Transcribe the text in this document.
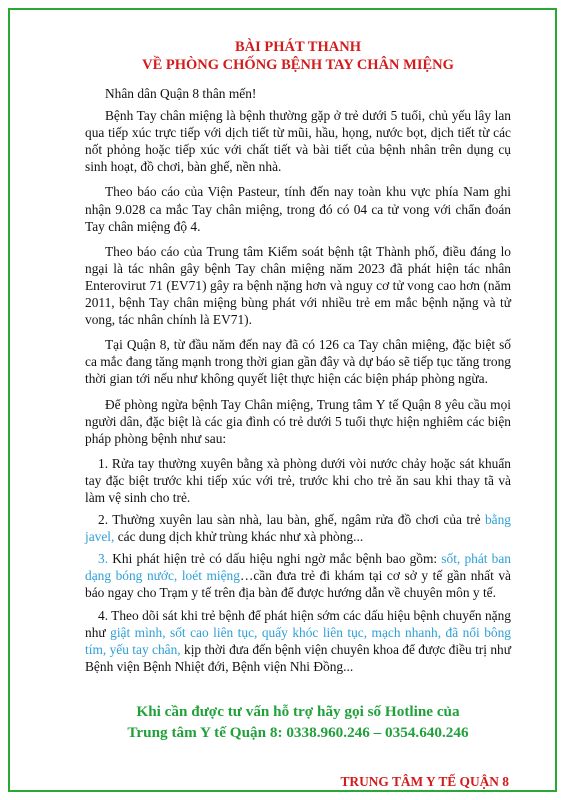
BÀI PHÁT THANH

VỀ PHÒNG CHỐNG BỆNH TAY CHÂN MIỆNG

Nhân dân Quận 8 thân mến!

Bệnh Tay chân miệng là bệnh thường gặp ở trẻ dưới 5 tuổi, chủ yếu lây lan qua tiếp xúc trực tiếp với dịch tiết từ mũi, hầu, họng, nước bọt, dịch tiết từ các nốt phỏng hoặc tiếp xúc với chất tiết và bài tiết của bệnh nhân trên dụng cụ sinh hoạt, đồ chơi, bàn ghế, nền nhà.

Theo báo cáo của Viện Pasteur, tính đến nay toàn khu vực phía Nam ghi nhận 9.028 ca mắc Tay chân miệng, trong đó có 04 ca tử vong với chẩn đoán Tay chân miệng độ 4.

Theo báo cáo của Trung tâm Kiểm soát bệnh tật Thành phố, điều đáng lo ngại là tác nhân gây bệnh Tay chân miệng năm 2023 đã phát hiện tác nhân Enterovirut 71 (EV71) gây ra bệnh nặng hơn và nguy cơ tử vong cao hơn (năm 2011, bệnh Tay chân miệng bùng phát với nhiều trẻ em mắc bệnh nặng và tử vong, tác nhân chính là EV71).

Tại Quận 8, từ đầu năm đến nay đã có 126 ca Tay chân miệng, đặc biệt số ca mắc đang tăng mạnh trong thời gian gần đây và dự báo sẽ tiếp tục tăng trong thời gian tới nếu như không quyết liệt thực hiện các biện pháp phòng ngừa.

Để phòng ngừa bệnh Tay Chân miệng, Trung tâm Y tế Quận 8 yêu cầu mọi người dân, đặc biệt là các gia đình có trẻ dưới 5 tuổi thực hiện nghiêm các biện pháp phòng bệnh như sau:

1. Rửa tay thường xuyên bằng xà phòng dưới vòi nước chảy hoặc sát khuẩn tay đặc biệt trước khi tiếp xúc với trẻ, trước khi cho trẻ ăn sau khi thay tã và làm vệ sinh cho trẻ.

2. Thường xuyên lau sàn nhà, lau bàn, ghế, ngâm rửa đồ chơi của trẻ bằng javel, các dung dịch khử trùng khác như xà phòng...

3. Khi phát hiện trẻ có dấu hiệu nghi ngờ mắc bệnh bao gồm: sốt, phát ban dạng bóng nước, loét miệng…cần đưa trẻ đi khám tại cơ sở y tế gần nhất và báo ngay cho Trạm y tế trên địa bàn để được hướng dẫn về chuyên môn y tế.

4. Theo dõi sát khi trẻ bệnh để phát hiện sớm các dấu hiệu bệnh chuyển nặng như giật mình, sốt cao liên tục, quấy khóc liên tục, mạch nhanh, đã nổi bông tím, yếu tay chân, kịp thời đưa đến bệnh viện chuyên khoa để được điều trị như Bệnh viện Bệnh Nhiệt đới, Bệnh viện Nhi Đồng...

Khi cần được tư vấn hỗ trợ hãy gọi số Hotline của

Trung tâm Y tế Quận 8: 0338.960.246 – 0354.640.246

TRUNG TÂM Y TẾ QUẬN 8
